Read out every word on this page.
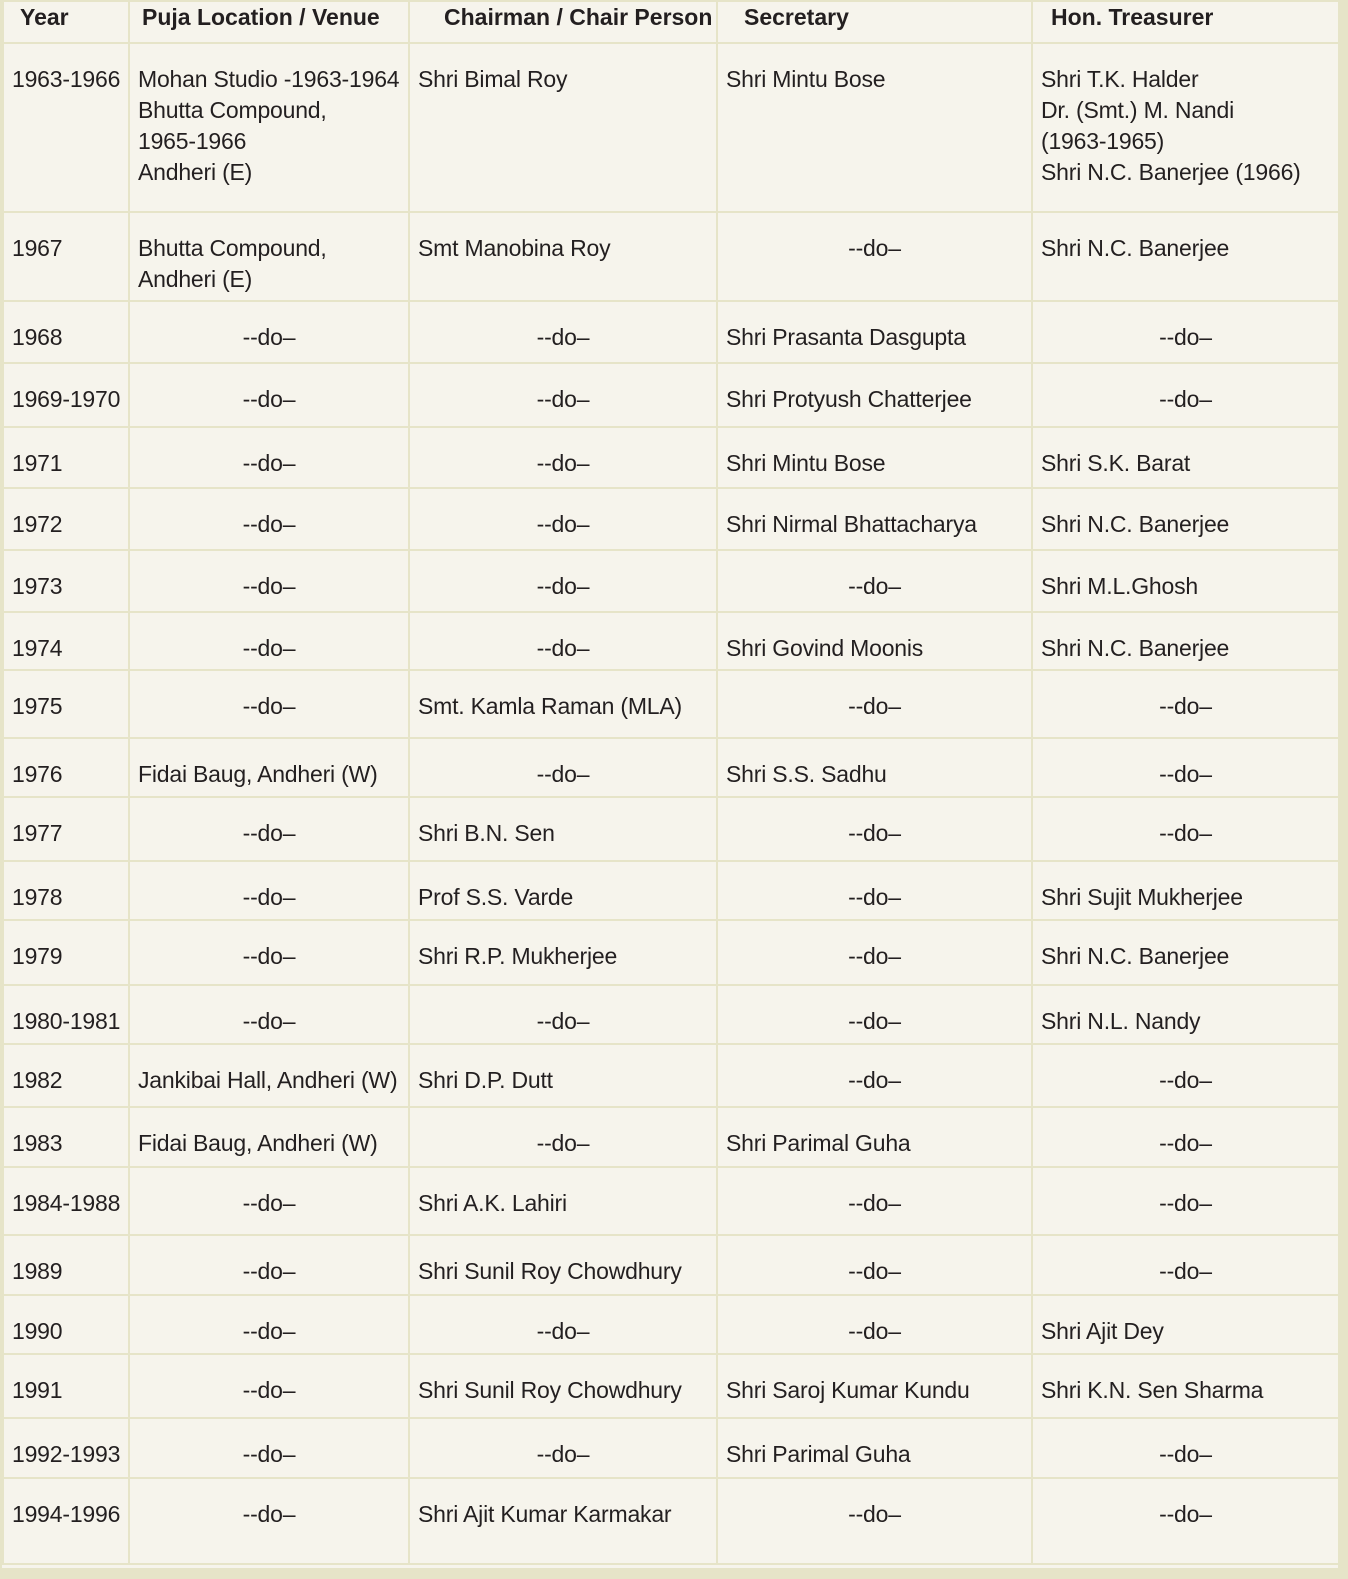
Year	Puja Location / Venue	Chairman / Chair Person	Secretary	Hon. Treasurer
1963-1966	Mohan Studio -1963-1964
Bhutta Compound,
1965-1966
Andheri (E)	Shri Bimal Roy	Shri Mintu Bose	Shri T.K. Halder
Dr. (Smt.) M. Nandi
(1963-1965)
Shri N.C. Banerjee (1966)

1967	Bhutta Compound,
Andheri (E)	Smt Manobina Roy	--do–	Shri N.C. Banerjee

1968	--do–	--do–	Shri Prasanta Dasgupta	--do–

1969-1970	--do–	--do–	Shri Protyush Chatterjee	--do–

1971	--do–	--do–	Shri Mintu Bose	Shri S.K. Barat

1972	--do–	--do–	Shri Nirmal Bhattacharya	Shri N.C. Banerjee

1973	--do–	--do–	--do–	Shri M.L.Ghosh

1974	--do–	--do–	Shri Govind Moonis	Shri N.C. Banerjee

1975	--do–	Smt. Kamla Raman (MLA)	--do–	--do–

1976	Fidai Baug, Andheri (W)	--do–	Shri S.S. Sadhu	--do–

1977	--do–	Shri B.N. Sen	--do–	--do–

1978	--do–	Prof S.S. Varde	--do–	Shri Sujit Mukherjee

1979	--do–	Shri R.P. Mukherjee	--do–	Shri N.C. Banerjee

1980-1981	--do–	--do–	--do–	Shri N.L. Nandy

1982	Jankibai Hall, Andheri (W)	Shri D.P. Dutt	--do–	--do–

1983	Fidai Baug, Andheri (W)	--do–	Shri Parimal Guha	--do–

1984-1988	--do–	Shri A.K. Lahiri	--do–	--do–

1989	--do–	Shri Sunil Roy Chowdhury	--do–	--do–

1990	--do–	--do–	--do–	Shri Ajit Dey

1991	--do–	Shri Sunil Roy Chowdhury	Shri Saroj Kumar Kundu	Shri K.N. Sen Sharma

1992-1993	--do–	--do–	Shri Parimal Guha	--do–

1994-1996	--do–	Shri Ajit Kumar Karmakar	--do–	--do–
